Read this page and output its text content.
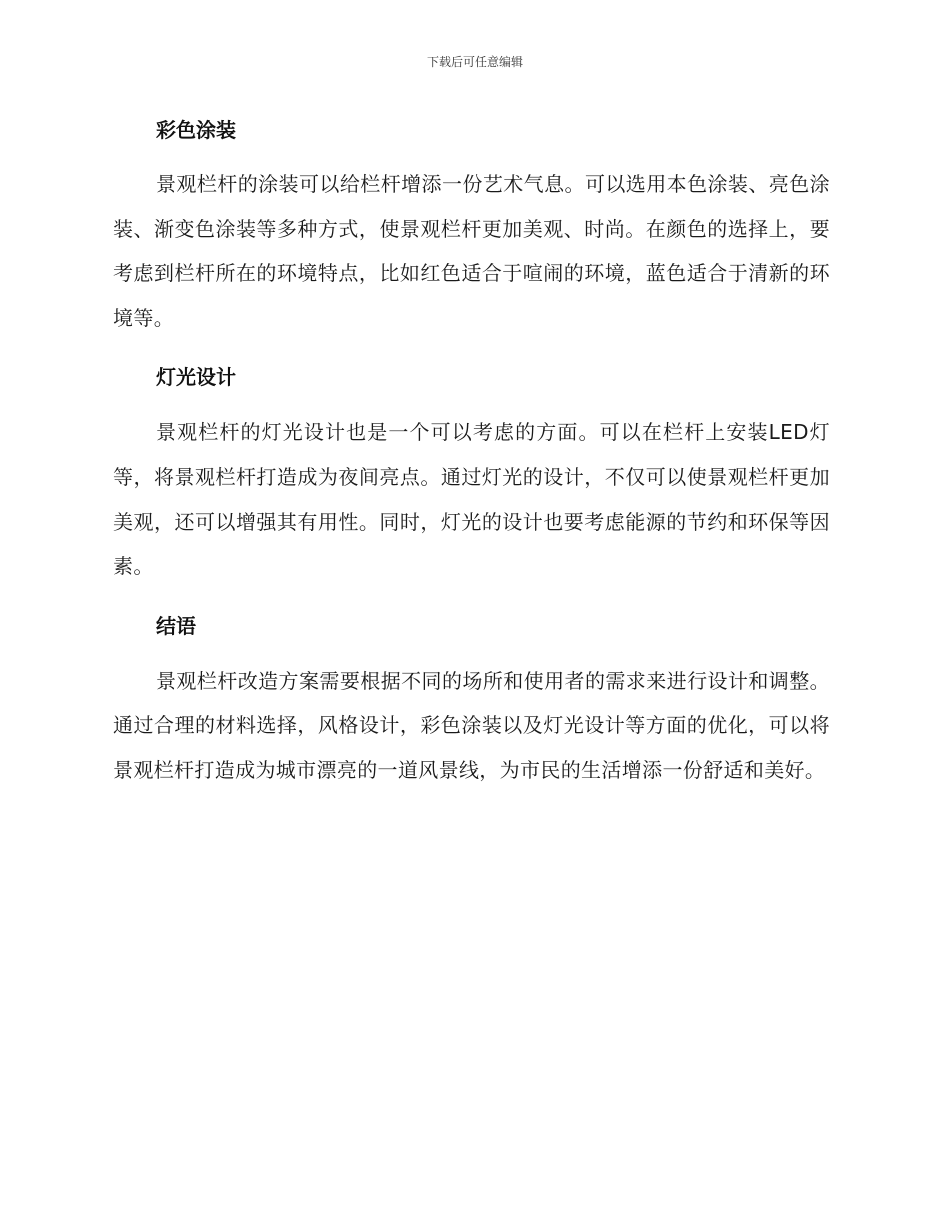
下载后可任意编辑
彩色涂装

景观栏杆的涂装可以给栏杆增添一份艺术气息。可以选用本色涂装、亮色涂装、渐变色涂装等多种方式，使景观栏杆更加美观、时尚。在颜色的选择上，要考虑到栏杆所在的环境特点，比如红色适合于喧闹的环境，蓝色适合于清新的环境等。

灯光设计

景观栏杆的灯光设计也是一个可以考虑的方面。可以在栏杆上安装LED灯等，将景观栏杆打造成为夜间亮点。通过灯光的设计，不仅可以使景观栏杆更加美观，还可以增强其有用性。同时，灯光的设计也要考虑能源的节约和环保等因素。

结语

景观栏杆改造方案需要根据不同的场所和使用者的需求来进行设计和调整。通过合理的材料选择，风格设计，彩色涂装以及灯光设计等方面的优化，可以将景观栏杆打造成为城市漂亮的一道风景线，为市民的生活增添一份舒适和美好。
